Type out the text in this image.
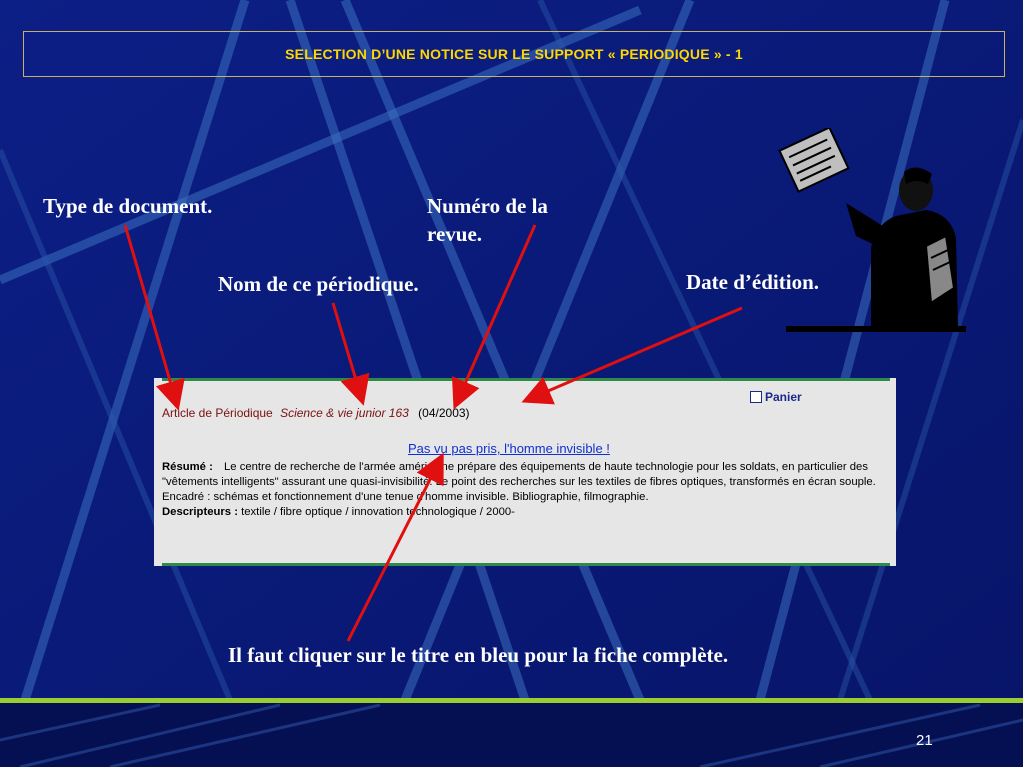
SELECTION D’UNE NOTICE SUR LE SUPPORT « PERIODIQUE » - 1
Type de document.	Numéro de la
revue.
Nom de ce périodique.	Date d’édition.
Panier
Article de Périodique Science & vie junior 163 (04/2003)
Pas vu pas pris, l'homme invisible !
Résumé : Le centre de recherche de l'armée américaine prépare des équipements de haute technologie pour les soldats, en particulier des "vêtements intelligents" assurant une quasi-invisibilité. Le point des recherches sur les textiles de fibres optiques, transformés en écran souple. Encadré : schémas et fonctionnement d'une tenue d'homme invisible. Bibliographie, filmographie.
Descripteurs : textile / fibre optique / innovation technologique / 2000-
Il faut cliquer sur le titre en bleu pour la fiche complète.
21
